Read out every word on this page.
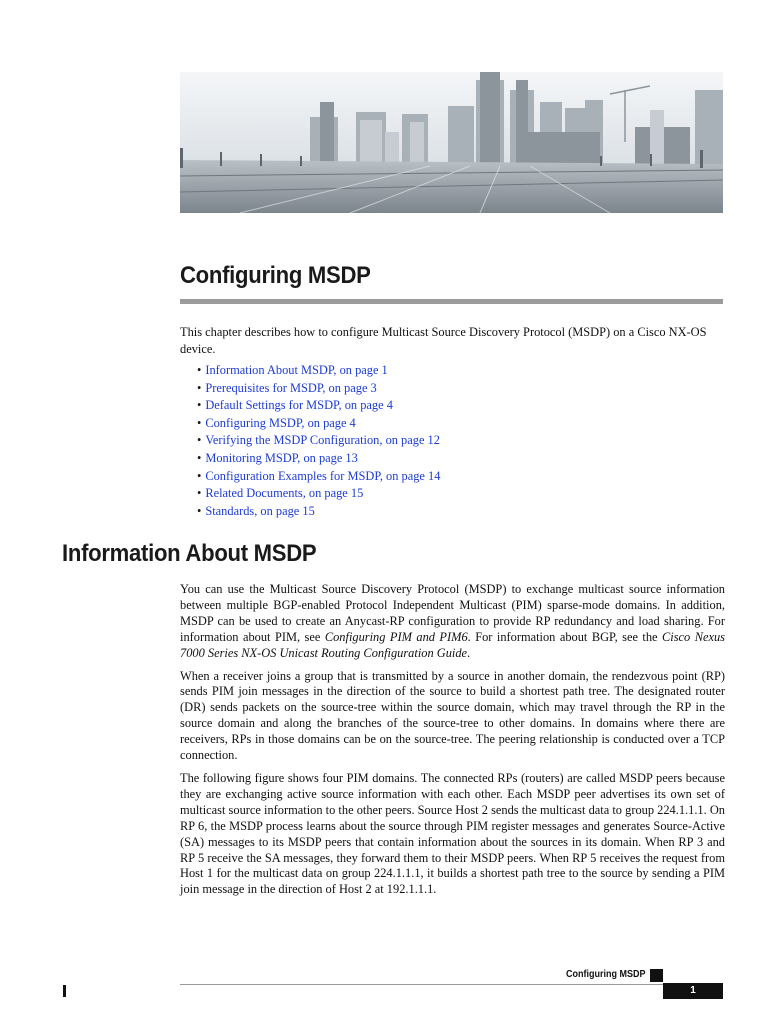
Configuring MSDP

This chapter describes how to configure Multicast Source Discovery Protocol (MSDP) on a Cisco NX-OS device.

• Information About MSDP, on page 1
• Prerequisites for MSDP, on page 3
• Default Settings for MSDP, on page 4
• Configuring MSDP, on page 4
• Verifying the MSDP Configuration, on page 12
• Monitoring MSDP, on page 13
• Configuration Examples for MSDP, on page 14
• Related Documents, on page 15
• Standards, on page 15
Information About MSDP

You can use the Multicast Source Discovery Protocol (MSDP) to exchange multicast source information between multiple BGP-enabled Protocol Independent Multicast (PIM) sparse-mode domains. In addition, MSDP can be used to create an Anycast-RP configuration to provide RP redundancy and load sharing. For information about PIM, see Configuring PIM and PIM6. For information about BGP, see the Cisco Nexus 7000 Series NX-OS Unicast Routing Configuration Guide.

When a receiver joins a group that is transmitted by a source in another domain, the rendezvous point (RP) sends PIM join messages in the direction of the source to build a shortest path tree. The designated router (DR) sends packets on the source-tree within the source domain, which may travel through the RP in the source domain and along the branches of the source-tree to other domains. In domains where there are receivers, RPs in those domains can be on the source-tree. The peering relationship is conducted over a TCP connection.

The following figure shows four PIM domains. The connected RPs (routers) are called MSDP peers because they are exchanging active source information with each other. Each MSDP peer advertises its own set of multicast source information to the other peers. Source Host 2 sends the multicast data to group 224.1.1.1. On RP 6, the MSDP process learns about the source through PIM register messages and generates Source-Active (SA) messages to its MSDP peers that contain information about the sources in its domain. When RP 3 and RP 5 receive the SA messages, they forward them to their MSDP peers. When RP 5 receives the request from Host 1 for the multicast data on group 224.1.1.1, it builds a shortest path tree to the source by sending a PIM join message in the direction of Host 2 at 192.1.1.1.

Configuring MSDP
1
